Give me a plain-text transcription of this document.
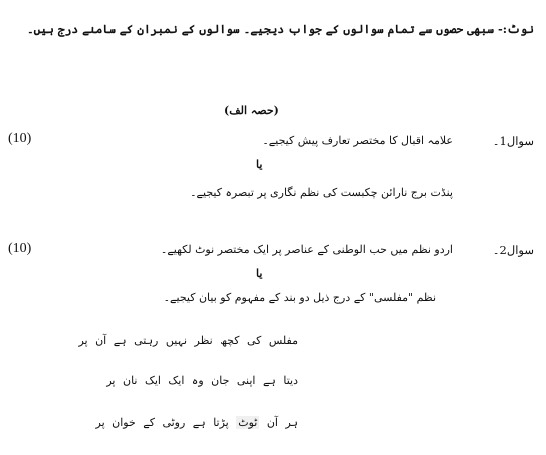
نوٹ:- سبھی حصوں سے تمام سوالوں کے جواب دیجیے۔ سوالوں کے نمبران کے سامنے درج ہیں۔
(حصہ الف)
(10)	سوال1۔
علامہ اقبال کا مختصر تعارف پیش کیجیے۔
یا
پنڈت برج نارائن چکبست کی نظم نگاری پر تبصرہ کیجیے۔
(10)	سوال2۔
اردو نظم میں حب الوطنی کے عناصر پر ایک مختصر نوٹ لکھیے۔
یا
نظم "مفلسی" کے درج ذیل دو بند کے مفہوم کو بیان کیجیے۔
مفلس کی کچھ نظر نہیں رہتی ہے آن پر
دیتا ہے اپنی جان وہ ایک ایک نان پر
ہر آن ٹوٹ پڑتا ہے روٹی کے خوان پر
